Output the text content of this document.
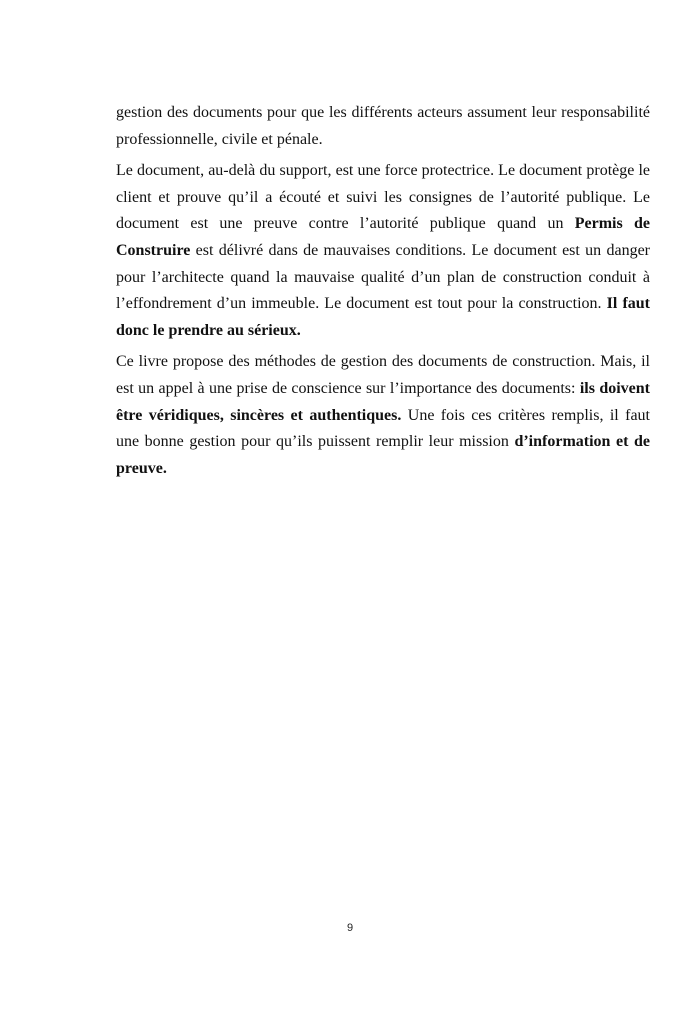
gestion des documents pour que les différents acteurs assument leur responsabilité professionnelle, civile et pénale.

Le document, au-delà du support, est une force protectrice. Le document protège le client et prouve qu’il a écouté et suivi les consignes de l’autorité publique. Le document est une preuve contre l’autorité publique quand un Permis de Construire est délivré dans de mauvaises conditions. Le document est un danger pour l’architecte quand la mauvaise qualité d’un plan de construction conduit à l’effondrement d’un immeuble. Le document est tout pour la construction. Il faut donc le prendre au sérieux.

Ce livre propose des méthodes de gestion des documents de construction. Mais, il est un appel à une prise de conscience sur l’importance des documents: ils doivent être véridiques, sincères et authentiques. Une fois ces critères remplis, il faut une bonne gestion pour qu’ils puissent remplir leur mission d’information et de preuve.

9
